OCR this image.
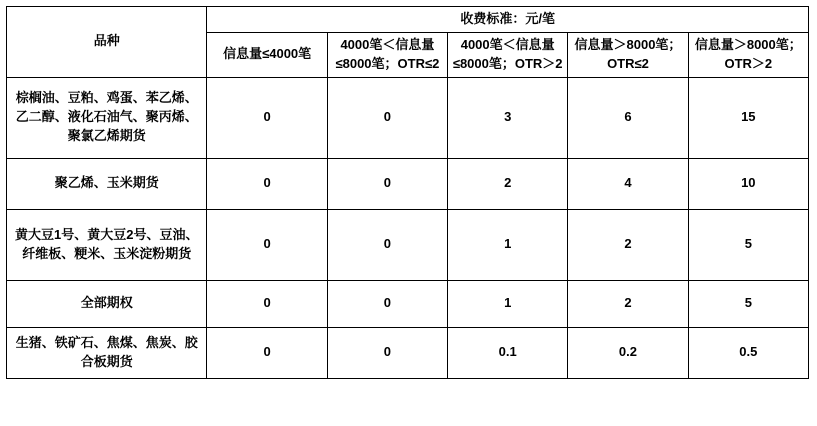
品种	收费标准：元/笔				
	信息量≤4000笔	4000笔＜信息量≤8000笔；OTR≤2	4000笔＜信息量≤8000笔；OTR＞2	信息量＞8000笔；OTR≤2	信息量＞8000笔；OTR＞2
棕榈油、豆粕、鸡蛋、苯乙烯、乙二醇、液化石油气、聚丙烯、聚氯乙烯期货	0	0	3	6	15
聚乙烯、玉米期货	0	0	2	4	10
黄大豆1号、黄大豆2号、豆油、纤维板、粳米、玉米淀粉期货	0	0	1	2	5
全部期权	0	0	1	2	5
生猪、铁矿石、焦煤、焦炭、胶合板期货	0	0	0.1	0.2	0.5
